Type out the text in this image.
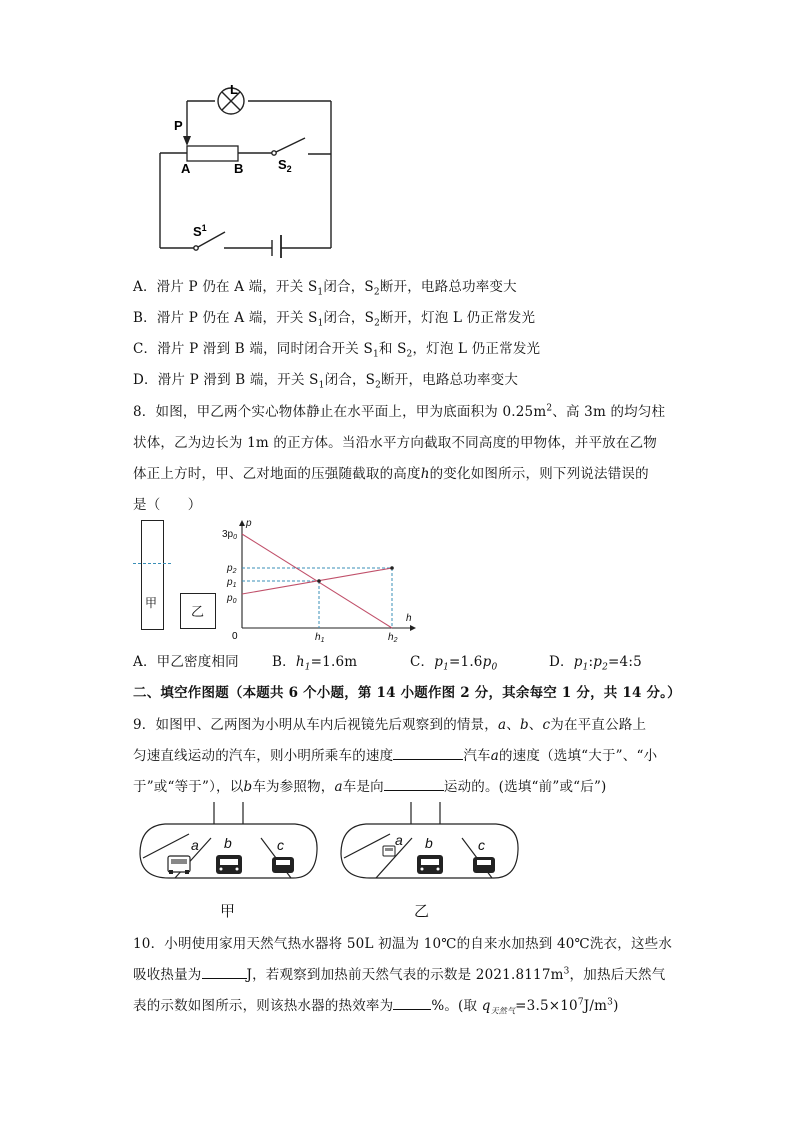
L
P
A	B	$S_2$
$S^1$
A．滑片 P 仍在 A 端，开关 $S_1$闭合，$S_2$断开，电路总功率变大
B．滑片 P 仍在 A 端，开关 $S_1$闭合，$S_2$断开，灯泡 L 仍正常发光
C．滑片 P 滑到 B 端，同时闭合开关 $S_1$和 $S_2$，灯泡 L 仍正常发光
D．滑片 P 滑到 B 端，开关 $S_1$闭合，$S_2$断开，电路总功率变大
8．如图，甲乙两个实心物体静止在水平面上，甲为底面积为 $0.25m^2$、高 3m 的均匀柱
状体，乙为边长为 1m 的正方体。当沿水平方向截取不同高度的甲物体，并平放在乙物
体正上方时，甲、乙对地面的压强随截取的高度h的变化如图所示，则下列说法错误的
是（　　）
甲
乙
p
h
$3p_0$
$p_2$
$p_1$
$p_0$
$h_1$	$h_2$
0
A．甲乙密度相同 B．$h_1=1.6m$	C．$p_1=1.6p_0$	D．$p_1:p_2=4:5$
二、填空作图题（本题共 6 个小题，第 14 小题作图 2 分，其余每空 1 分，共 14 分。）
9．如图甲、乙两图为小明从车内后视镜先后观察到的情景，a、b、c为在平直公路上
匀速直线运动的汽车，则小明所乘车的速度	汽车a的速度（选填“大于”、“小
于”或“等于”），以b车为参照物，a车是向	运动的。(选填“前”或“后”)
a b	c	a b	c
甲	乙
10．小明使用家用天然气热水器将 50L 初温为 10℃的自来水加热到 40℃洗衣，这些水
吸收热量为	J，若观察到加热前天然气表的示数是 $2021.8117m^3$，加热后天然气
表的示数如图所示，则该热水器的热效率为	%。(取 $q_{天然气}=3.5\times 10^7J/m^3$)
